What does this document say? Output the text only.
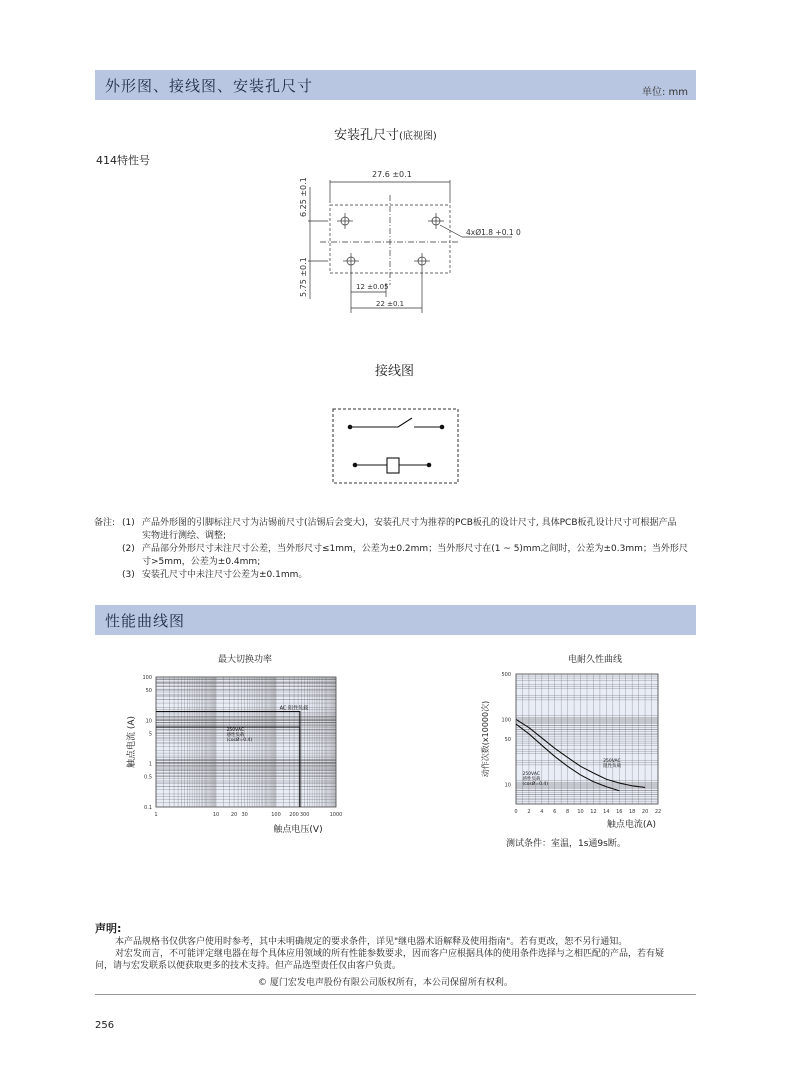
外形图、接线图、安装孔尺寸	单位: mm
安装孔尺寸(底视图)
414特性号
27.6 ±0.1
6.25 ±0.1
5.75 ±0.1	12 ±0.05
22 ±0.1
4xØ1.8 +0.1 0
接线图
备注: (1) 产品外形图的引脚标注尺寸为沾锡前尺寸(沾锡后会变大)，安装孔尺寸为推荐的PCB板孔的设计尺寸, 具体PCB板孔设计尺寸可根据产品
实物进行测绘、调整;
(2) 产品部分外形尺寸未注尺寸公差，当外形尺寸≤1mm，公差为±0.2mm；当外形尺寸在(1 ~ 5)mm之间时，公差为±0.3mm；当外形尺
寸>5mm，公差为±0.4mm;
(3) 安装孔尺寸中未注尺寸公差为±0.1mm。
性能曲线图
100
50
10
5
1
0.5
0.1
1	10 20 30	100 200 300	1000
最大切换功率
触点电压(V)
触点电流 (A)
AC 阻性负载
250VAC
感性负载
(cosØ=0.4)
500
100
50
10
0 2 4 6 8 10 12 14 16 18 20 22
电耐久性曲线
触点电流(A)
动作次数(x10000次)	250VAC
阻性负载
250VAC
感性负载
(cosØ=0.4)
测试条件：室温，1s通9s断。
声明:
本产品规格书仅供客户使用时参考，其中未明确规定的要求条件，详见"继电器术语解释及使用指南"。若有更改，恕不另行通知。
对宏发而言，不可能评定继电器在每个具体应用领域的所有性能参数要求，因而客户应根据具体的使用条件选择与之相匹配的产品，若有疑
问，请与宏发联系以便获取更多的技术支持。但产品选型责任仅由客户负责。
© 厦门宏发电声股份有限公司版权所有，本公司保留所有权利。
256
